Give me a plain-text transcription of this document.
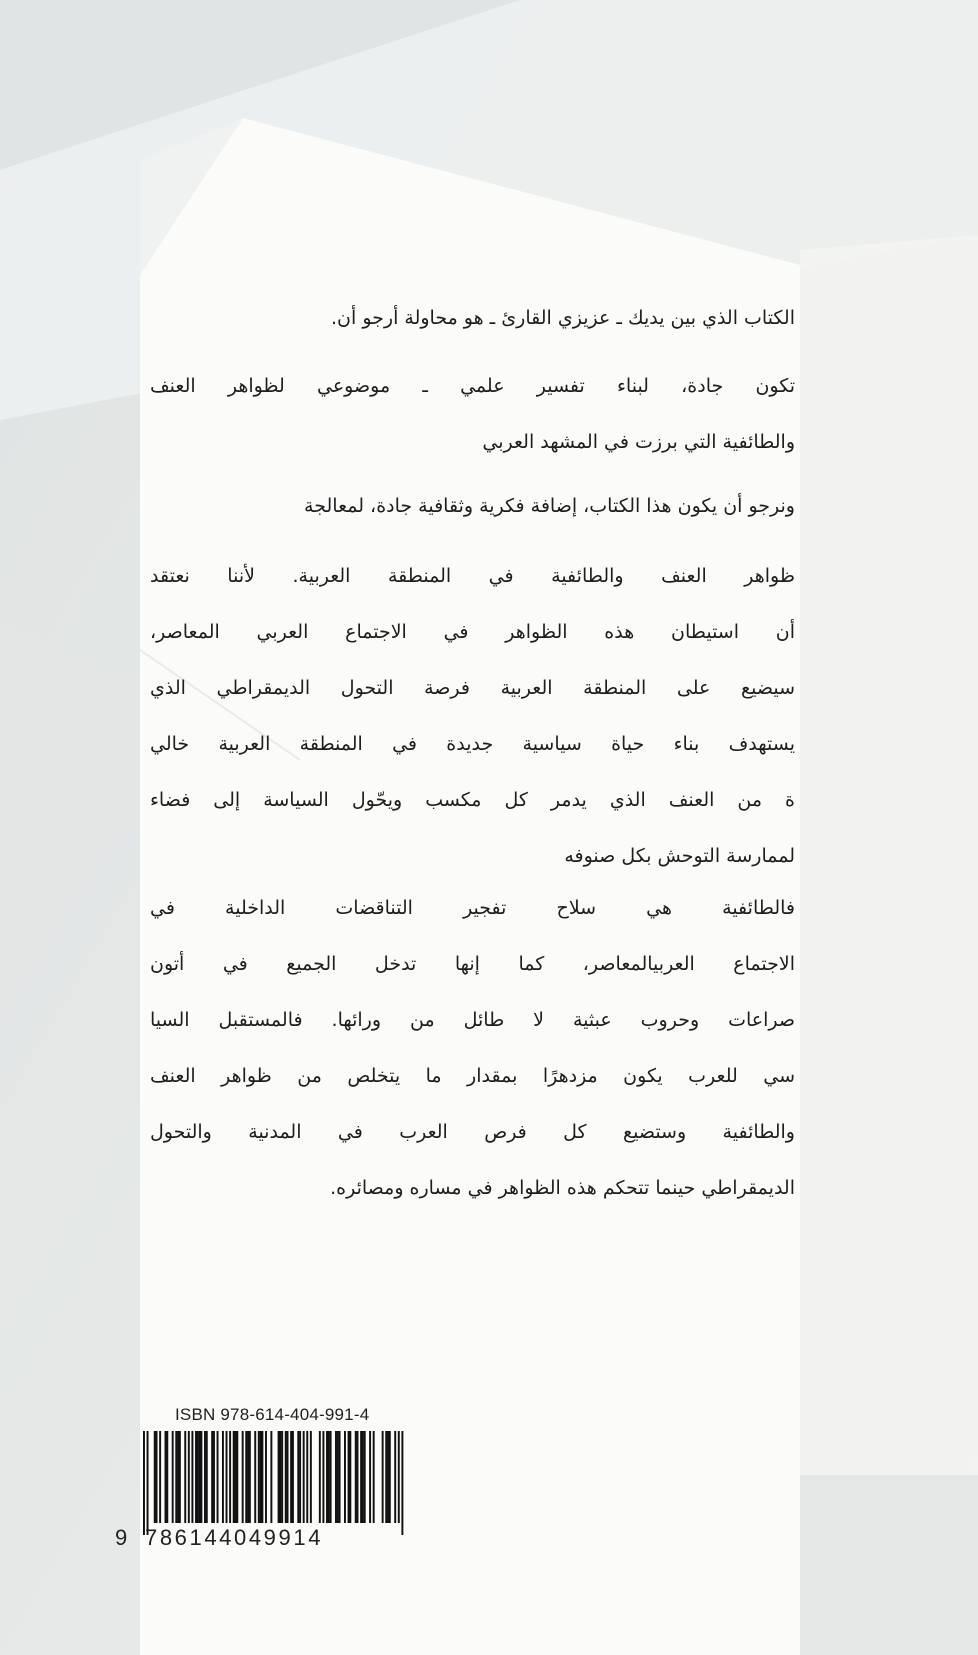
الكتاب الذي بين يديك ـ عزيزي القارئ ـ هو محاولة أرجو أن.
تكون جادة، لبناء تفسير علمي ـ موضوعي لظواهر العنف
والطائفية التي برزت في المشهد العربي
ونرجو أن يكون هذا الكتاب، إضافة فكرية وثقافية جادة، لمعالجة
ظواهر العنف والطائفية في المنطقة العربية. لأننا نعتقد
أن استيطان هذه الظواهر في الاجتماع العربي المعاصر،
سيضيع على المنطقة العربية فرصة التحول الديمقراطي الذي
يستهدف بناء حياة سياسية جديدة في المنطقة العربية خالي
ة من العنف الذي يدمر كل مكسب ويحّول السياسة إلى فضاء
لممارسة التوحش بكل صنوفه
فالطائفية هي سلاح تفجير التناقضات الداخلية في
الاجتماع العربيالمعاصر، كما إنها تدخل الجميع في أتون
صراعات وحروب عبثية لا طائل من ورائها. فالمستقبل السيا
سي للعرب يكون مزدهرًا بمقدار ما يتخلص من ظواهر العنف
والطائفية وستضيع كل فرص العرب في المدنية والتحول
الديمقراطي حينما تتحكم هذه الظواهر في مساره ومصائره.
ISBN 978-614-404-991-4
9 786144049914
